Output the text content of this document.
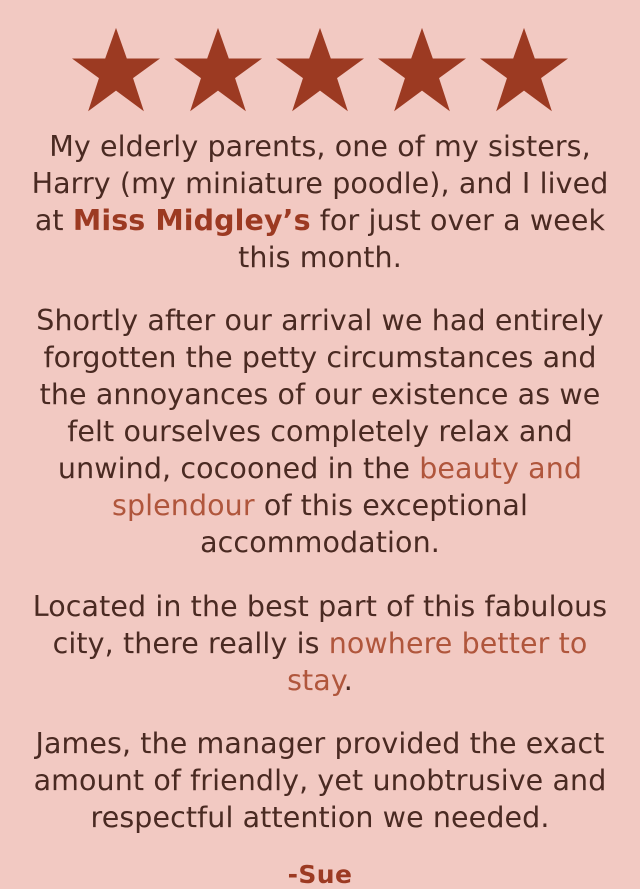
My elderly parents, one of my sisters, Harry (my miniature poodle), and I lived at Miss Midgley’s for just over a week this month.

Shortly after our arrival we had entirely forgotten the petty circumstances and the annoyances of our existence as we felt ourselves completely relax and unwind, cocooned in the beauty and splendour of this exceptional accommodation.

Located in the best part of this fabulous city, there really is nowhere better to stay.

James, the manager provided the exact amount of friendly, yet unobtrusive and respectful attention we needed.

-Sue
